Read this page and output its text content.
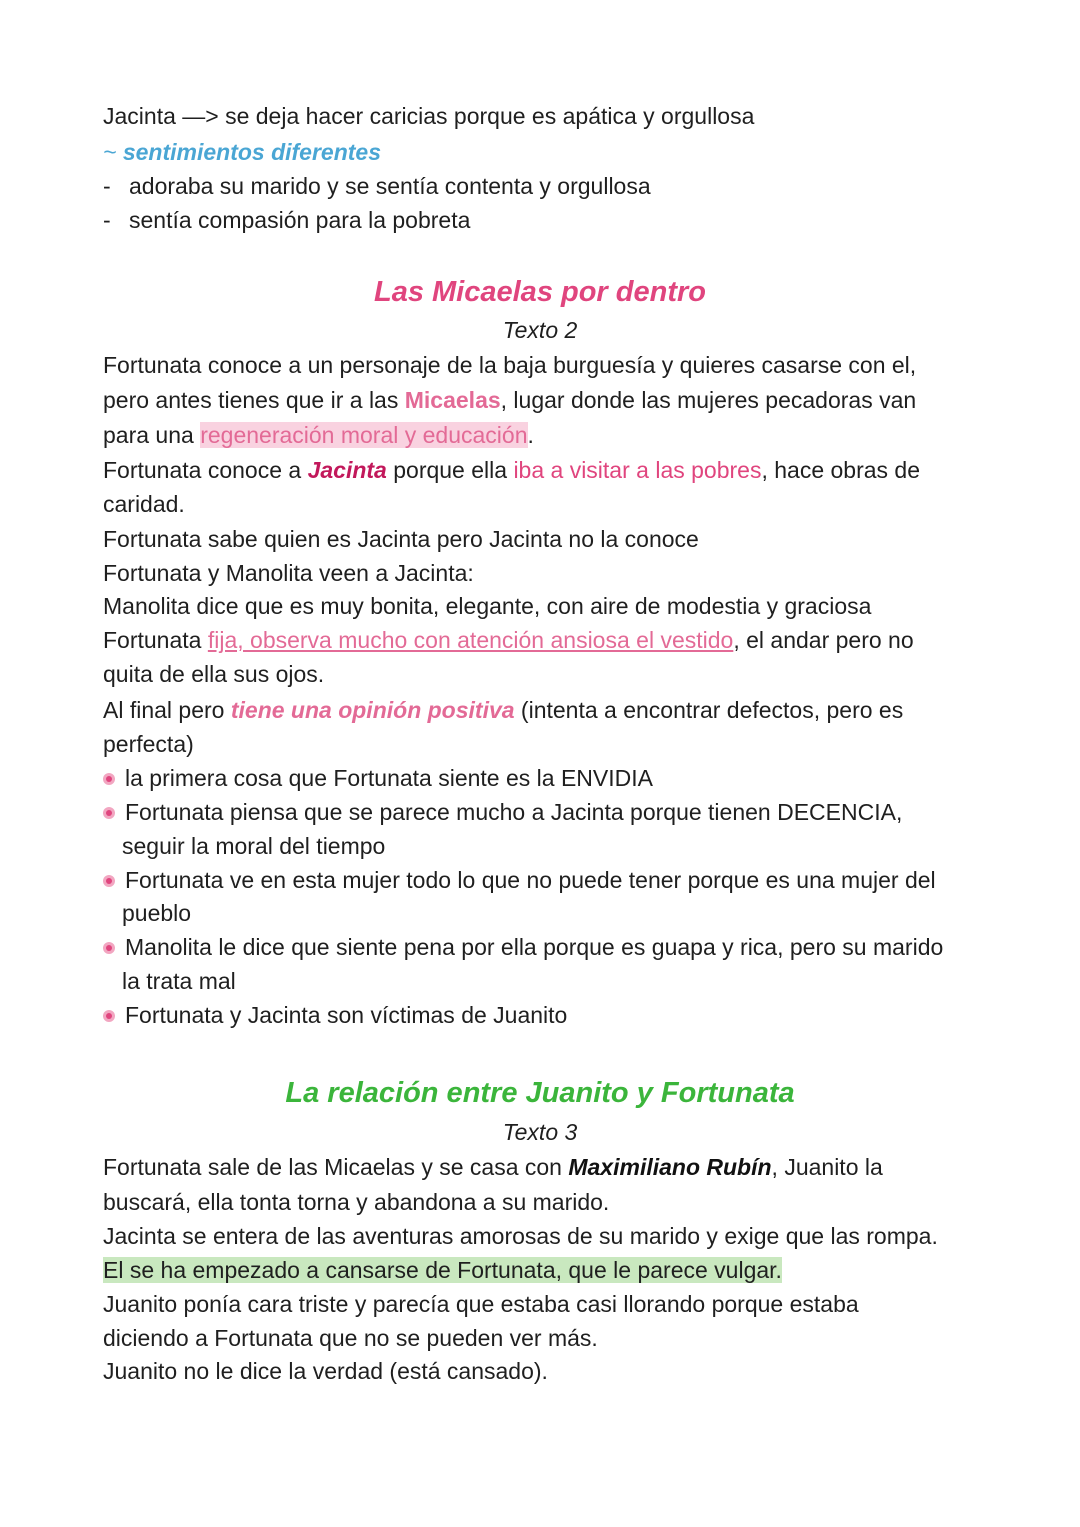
Jacinta —> se deja hacer caricias porque es apática y orgullosa
~ sentimientos diferentes
- adoraba su marido y se sentía contenta y orgullosa
- sentía compasión para la pobreta
Las Micaelas por dentro
Texto 2
Fortunata conoce a un personaje de la baja burguesía y quieres casarse con el,
pero antes tienes que ir a las Micaelas, lugar donde las mujeres pecadoras van
para una regeneración moral y educación.
Fortunata conoce a Jacinta porque ella iba a visitar a las pobres, hace obras de
caridad.
Fortunata sabe quien es Jacinta pero Jacinta no la conoce
Fortunata y Manolita veen a Jacinta:
Manolita dice que es muy bonita, elegante, con aire de modestia y graciosa
Fortunata fija, observa mucho con atención ansiosa el vestido, el andar pero no
quita de ella sus ojos.
Al final pero tiene una opinión positiva (intenta a encontrar defectos, pero es
perfecta)
la primera cosa que Fortunata siente es la ENVIDIA
Fortunata piensa que se parece mucho a Jacinta porque tienen DECENCIA,
seguir la moral del tiempo
Fortunata ve en esta mujer todo lo que no puede tener porque es una mujer del
pueblo
Manolita le dice que siente pena por ella porque es guapa y rica, pero su marido
la trata mal
Fortunata y Jacinta son víctimas de Juanito
La relación entre Juanito y Fortunata
Texto 3
Fortunata sale de las Micaelas y se casa con Maximiliano Rubín, Juanito la
buscará, ella tonta torna y abandona a su marido.
Jacinta se entera de las aventuras amorosas de su marido y exige que las rompa.
El se ha empezado a cansarse de Fortunata, que le parece vulgar.
Juanito ponía cara triste y parecía que estaba casi llorando porque estaba
diciendo a Fortunata que no se pueden ver más.
Juanito no le dice la verdad (está cansado).
